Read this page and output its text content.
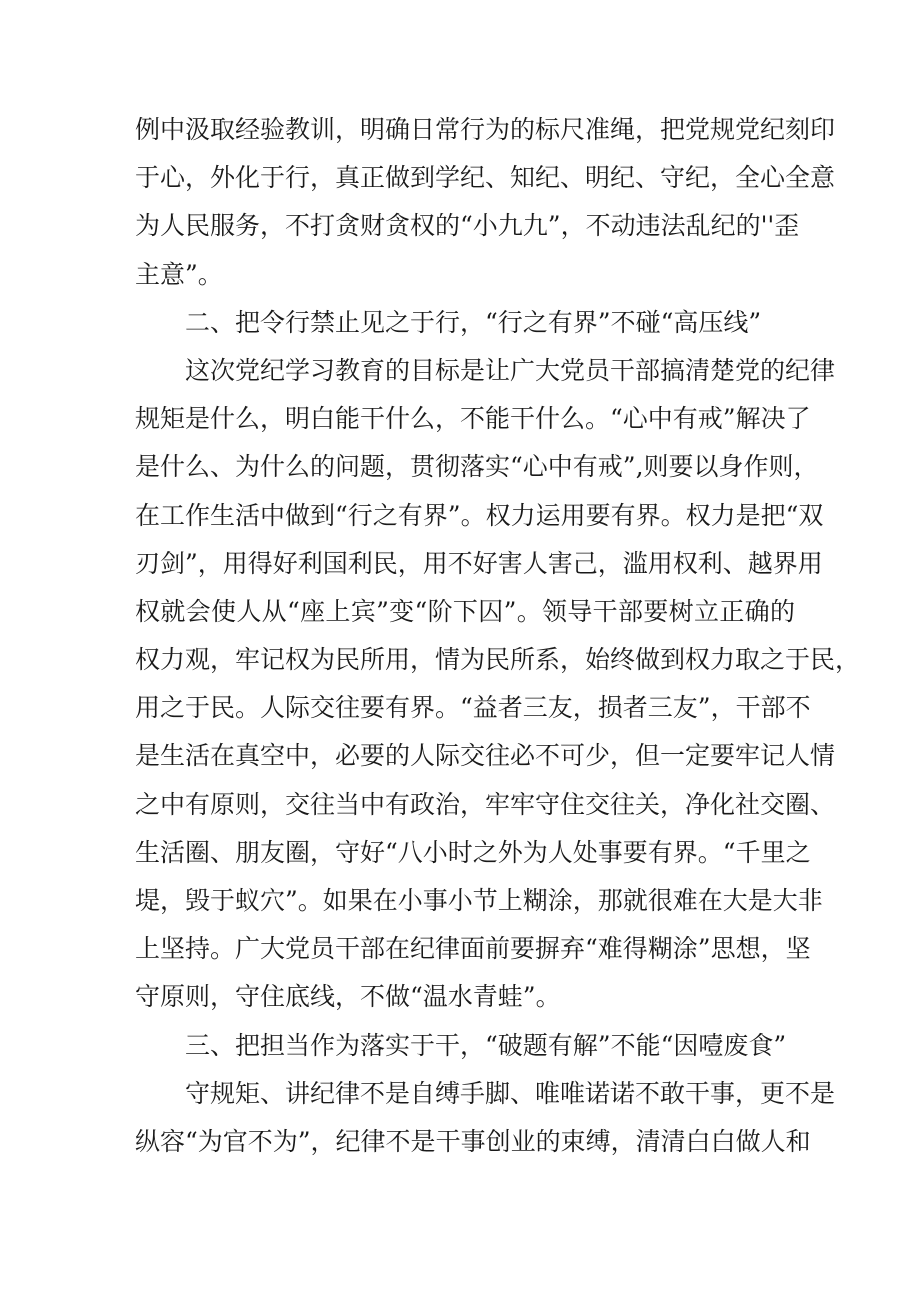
例中汲取经验教训，明确日常行为的标尺准绳，把党规党纪刻印
于心，外化于行，真正做到学纪、知纪、明纪、守纪，全心全意
为人民服务，不打贪财贪权的“小九九”，不动违法乱纪的''歪
主意”。
二、把令行禁止见之于行，“行之有界”不碰“高压线”
这次党纪学习教育的目标是让广大党员干部搞清楚党的纪律
规矩是什么，明白能干什么，不能干什么。“心中有戒”解决了
是什么、为什么的问题，贯彻落实“心中有戒”,则要以身作则，
在工作生活中做到“行之有界”。权力运用要有界。权力是把“双
刃剑”，用得好利国利民，用不好害人害己，滥用权利、越界用
权就会使人从“座上宾”变“阶下囚”。领导干部要树立正确的
权力观，牢记权为民所用，情为民所系，始终做到权力取之于民，
用之于民。人际交往要有界。“益者三友，损者三友”，干部不
是生活在真空中，必要的人际交往必不可少，但一定要牢记人情
之中有原则，交往当中有政治，牢牢守住交往关，净化社交圈、
生活圈、朋友圈，守好“八小时之外为人处事要有界。“千里之
堤，毁于蚁穴”。如果在小事小节上糊涂，那就很难在大是大非
上坚持。广大党员干部在纪律面前要摒弃“难得糊涂”思想，坚
守原则，守住底线，不做“温水青蛙”。
三、把担当作为落实于干，“破题有解”不能“因噎废食”
守规矩、讲纪律不是自缚手脚、唯唯诺诺不敢干事，更不是
纵容“为官不为”，纪律不是干事创业的束缚，清清白白做人和
